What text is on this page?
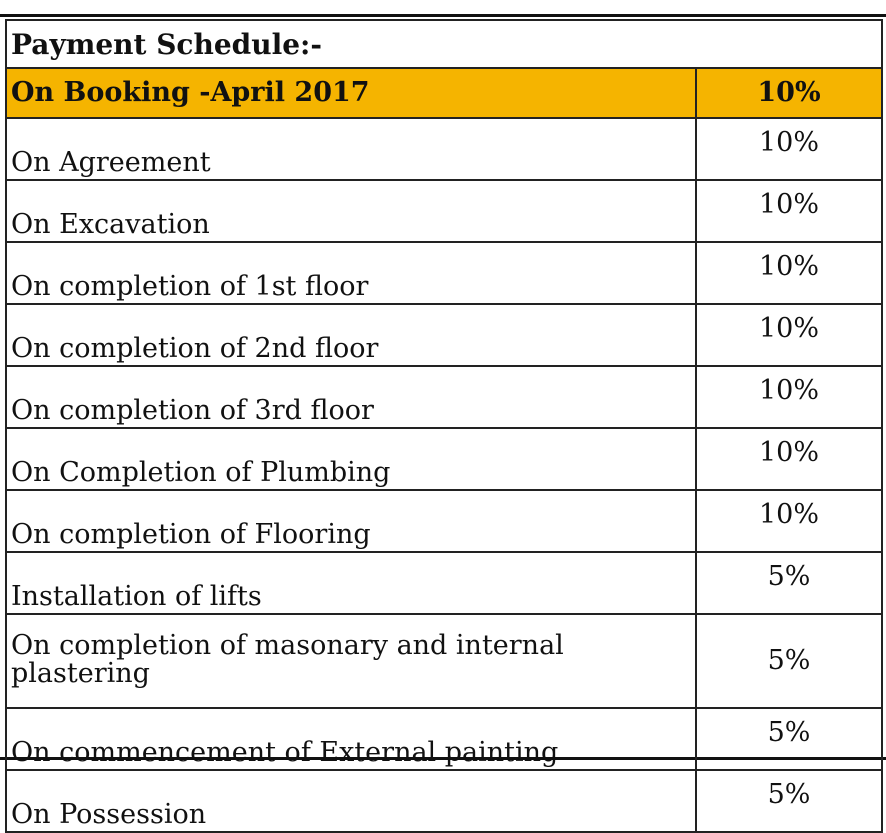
Payment Schedule:-	
On Booking -April 2017	10%
On Agreement	10%
On Excavation	10%
On completion of 1st floor	10%
On completion of 2nd floor	10%
On completion of 3rd floor	10%
On Completion of Plumbing	10%
On completion of Flooring	10%
Installation of lifts	5%
On completion of masonary and internal plastering	5%
On commencement of External painting	5%
On Possession	5%
